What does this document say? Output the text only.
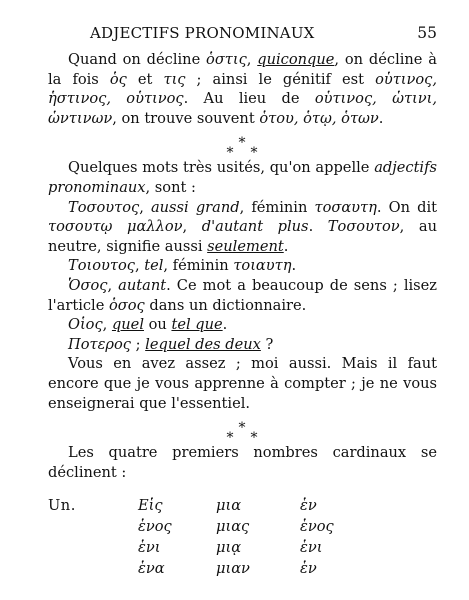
ADJECTIFS PRONOMINAUX	55

Quand on décline ὁστις, quiconque, on décline à la fois ὁς et τις ; ainsi le génitif est οὑτινος, ἡστινος, οὑτινος. Au lieu de οὑτινος, ὡτινι, ὡντινων, on trouve souvent ὁτου, ὁτῳ, ὁτων.

*
*
*

Quelques mots très usités, qu'on appelle adjectifs pronominaux, sont :

Τοσουτος, aussi grand, féminin τοσαυτη. On dit τοσουτῳ μαλλον, d'autant plus. Τοσουτον, au neutre, signifie aussi seulement.

Τοιουτος, tel, féminin τοιαυτη.

Ὁσος, autant. Ce mot a beaucoup de sens ; lisez l'article ὁσος dans un dictionnaire.

Οἱος, quel ou tel que.

Ποτερος ; lequel des deux ?

Vous en avez assez ; moi aussi. Mais il faut encore que je vous apprenne à compter ; je ne vous enseignerai que l'essentiel.

*
*
*

Les quatre premiers nombres cardinaux se déclinent :

Un.	Εἱς
ἑνος
ἑνι
ἑνα
μια
μιας
μιᾳ
μιαν
ἑν
ἑνος
ἑνι
ἑν
